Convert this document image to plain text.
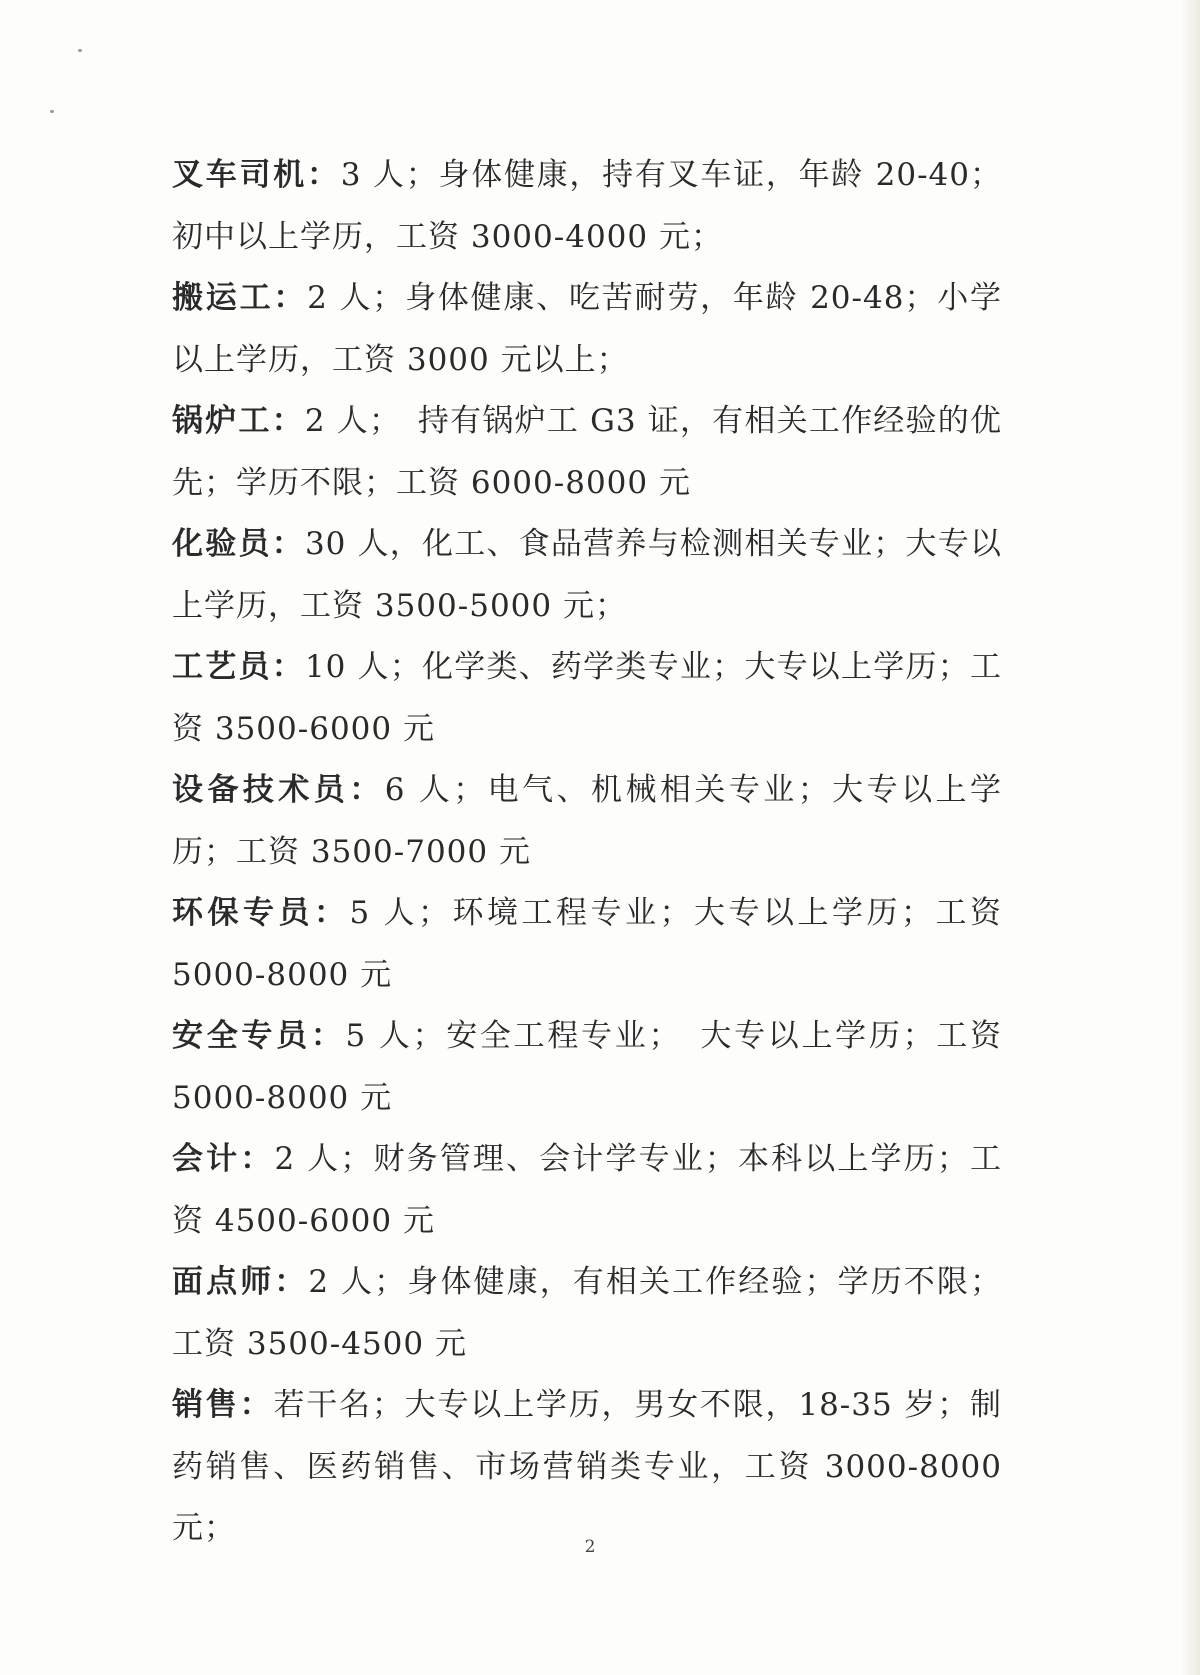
叉车司机：3 人；身体健康，持有叉车证，年龄 20-40；初中以上学历，工资 3000-4000 元；

搬运工：2 人；身体健康、吃苦耐劳，年龄 20-48；小学以上学历，工资 3000 元以上；

锅炉工：2 人；　持有锅炉工 G3 证，有相关工作经验的优先；学历不限；工资 6000-8000 元

化验员：30 人，化工、食品营养与检测相关专业；大专以上学历，工资 3500-5000 元；

工艺员：10 人；化学类、药学类专业；大专以上学历；工资 3500-6000 元

设备技术员：6 人；电气、机械相关专业；大专以上学历；工资 3500-7000 元

环保专员：5 人；环境工程专业；大专以上学历；工资 5000-8000 元

安全专员：5 人；安全工程专业；　大专以上学历；工资 5000-8000 元

会计：2 人；财务管理、会计学专业；本科以上学历；工资 4500-6000 元

面点师：2 人；身体健康，有相关工作经验；学历不限；工资 3500-4500 元

销售：若干名；大专以上学历，男女不限，18-35 岁；制药销售、医药销售、市场营销类专业，工资 3000-8000 元；

2
